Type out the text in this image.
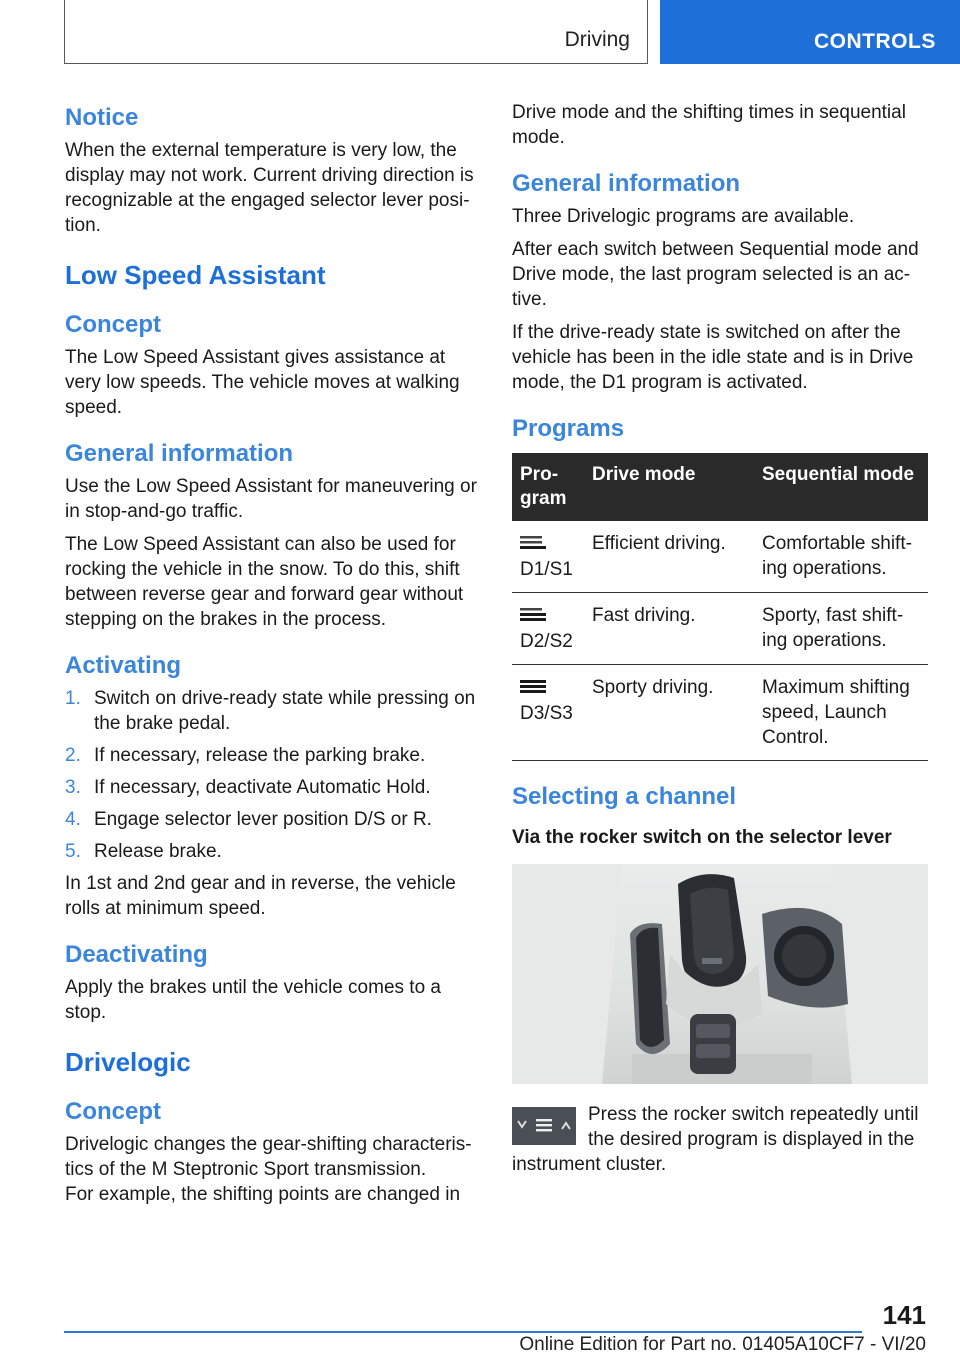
Driving	CONTROLS
Notice

When the external temperature is very low, the display may not work. Current driving direction is recognizable at the engaged selector lever position.

Low Speed Assistant
Concept

The Low Speed Assistant gives assistance at very low speeds. The vehicle moves at walking speed.

General information

Use the Low Speed Assistant for maneuvering or in stop-and-go traffic.

The Low Speed Assistant can also be used for rocking the vehicle in the snow. To do this, shift between reverse gear and forward gear without stepping on the brakes in the process.

Activating
1. Switch on drive-ready state while pressing on the brake pedal.
2. If necessary, release the parking brake.
3. If necessary, deactivate Automatic Hold.
4. Engage selector lever position D/S or R.
5. Release brake.

In 1st and 2nd gear and in reverse, the vehicle rolls at minimum speed.

Deactivating

Apply the brakes until the vehicle comes to a stop.

Drivelogic
Concept

Drivelogic changes the gear-shifting characteristics of the M Steptronic Sport transmission.

For example, the shifting points are changed in

Drive mode and the shifting times in sequential mode.

General information

Three Drivelogic programs are available.

After each switch between Sequential mode and Drive mode, the last program selected is an active.

If the drive-ready state is switched on after the vehicle has been in the idle state and is in Drive mode, the D1 program is activated.

Programs
Program	Drive mode	Sequential mode

D1/S1	Efficient driving.	Comfortable shifting operations.

D2/S2	Fast driving.	Sporty, fast shifting operations.

D3/S3	Sporty driving.	Maximum shifting speed, Launch Control.
Selecting a channel

Via the rocker switch on the selector lever

Press the rocker switch repeatedly until the desired program is displayed in the instrument cluster.

141
Online Edition for Part no. 01405A10CF7 - VI/20
